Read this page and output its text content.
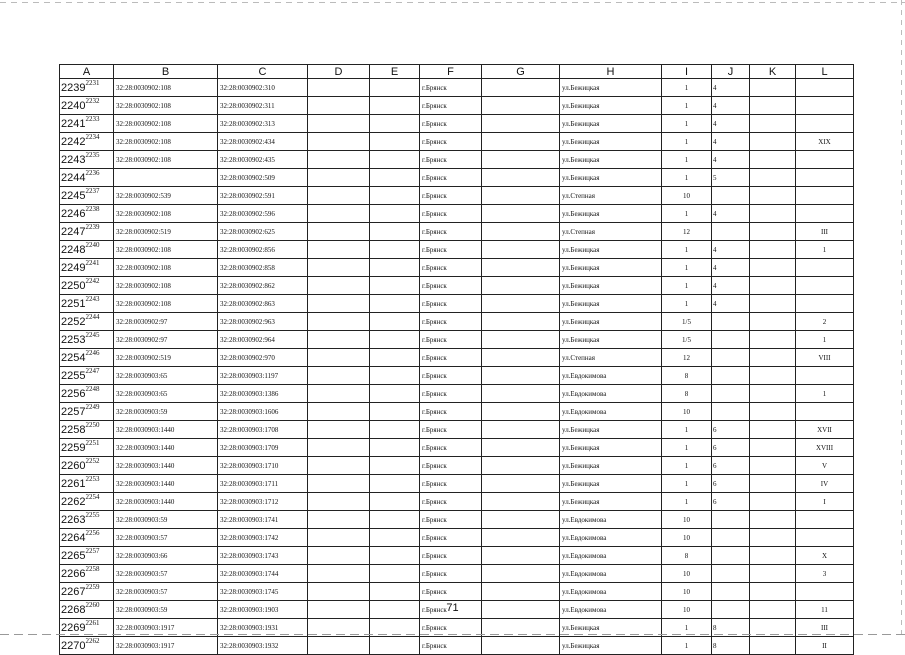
A	B	C	D	E	F	G	H	I	J	K	L
$2239^{2231}$	32:28:0030902:108	32:28:0030902:310			г.Брянск		ул.Бежицкая	1	4		
$2240^{2232}$	32:28:0030902:108	32:28:0030902:311			г.Брянск		ул.Бежицкая	1	4		
$2241^{2233}$	32:28:0030902:108	32:28:0030902:313			г.Брянск		ул.Бежицкая	1	4		
$2242^{2234}$	32:28:0030902:108	32:28:0030902:434			г.Брянск		ул.Бежицкая	1	4		XIX
$2243^{2235}$	32:28:0030902:108	32:28:0030902:435			г.Брянск		ул.Бежицкая	1	4		
$2244^{2236}$		32:28:0030902:509			г.Брянск		ул.Бежицкая	1	5		
$2245^{2237}$	32:28:0030902:539	32:28:0030902:591			г.Брянск		ул.Степная	10			
$2246^{2238}$	32:28:0030902:108	32:28:0030902:596			г.Брянск		ул.Бежицкая	1	4		
$2247^{2239}$	32:28:0030902:519	32:28:0030902:625			г.Брянск		ул.Степная	12			III
$2248^{2240}$	32:28:0030902:108	32:28:0030902:856			г.Брянск		ул.Бежицкая	1	4		1
$2249^{2241}$	32:28:0030902:108	32:28:0030902:858			г.Брянск		ул.Бежицкая	1	4		
$2250^{2242}$	32:28:0030902:108	32:28:0030902:862			г.Брянск		ул.Бежицкая	1	4		
$2251^{2243}$	32:28:0030902:108	32:28:0030902:863			г.Брянск		ул.Бежицкая	1	4		
$2252^{2244}$	32:28:0030902:97	32:28:0030902:963			г.Брянск		ул.Бежицкая	1/5			2
$2253^{2245}$	32:28:0030902:97	32:28:0030902:964			г.Брянск		ул.Бежицкая	1/5			1
$2254^{2246}$	32:28:0030902:519	32:28:0030902:970			г.Брянск		ул.Степная	12			VIII
$2255^{2247}$	32:28:0030903:65	32:28:0030903:1197			г.Брянск		ул.Евдокимова	8			
$2256^{2248}$	32:28:0030903:65	32:28:0030903:1386			г.Брянск		ул.Евдокимова	8			1
$2257^{2249}$	32:28:0030903:59	32:28:0030903:1606			г.Брянск		ул.Евдокимова	10			
$2258^{2250}$	32:28:0030903:1440	32:28:0030903:1708			г.Брянск		ул.Бежицкая	1	6		XVII
$2259^{2251}$	32:28:0030903:1440	32:28:0030903:1709			г.Брянск		ул.Бежицкая	1	6		XVIII
$2260^{2252}$	32:28:0030903:1440	32:28:0030903:1710			г.Брянск		ул.Бежицкая	1	6		V
$2261^{2253}$	32:28:0030903:1440	32:28:0030903:1711			г.Брянск		ул.Бежицкая	1	6		IV
$2262^{2254}$	32:28:0030903:1440	32:28:0030903:1712			г.Брянск		ул.Бежицкая	1	6		I
$2263^{2255}$	32:28:0030903:59	32:28:0030903:1741			г.Брянск		ул.Евдокимова	10			
$2264^{2256}$	32:28:0030903:57	32:28:0030903:1742			г.Брянск		ул.Евдокимова	10			
$2265^{2257}$	32:28:0030903:66	32:28:0030903:1743			г.Брянск		ул.Евдокимова	8			X
$2266^{2258}$	32:28:0030903:57	32:28:0030903:1744			г.Брянск		ул.Евдокимова	10			3
$2267^{2259}$	32:28:0030903:57	32:28:0030903:1745			г.Брянск		ул.Евдокимова	10			
$2268^{2260}$	32:28:0030903:59	32:28:0030903:1903			г.Брянск		ул.Евдокимова	10			11
$2269^{2261}$	32:28:0030903:1917	32:28:0030903:1931			г.Брянск		ул.Бежицкая	1	8		III
$2270^{2262}$	32:28:0030903:1917	32:28:0030903:1932			г.Брянск		ул.Бежицкая	1	8		II
71
